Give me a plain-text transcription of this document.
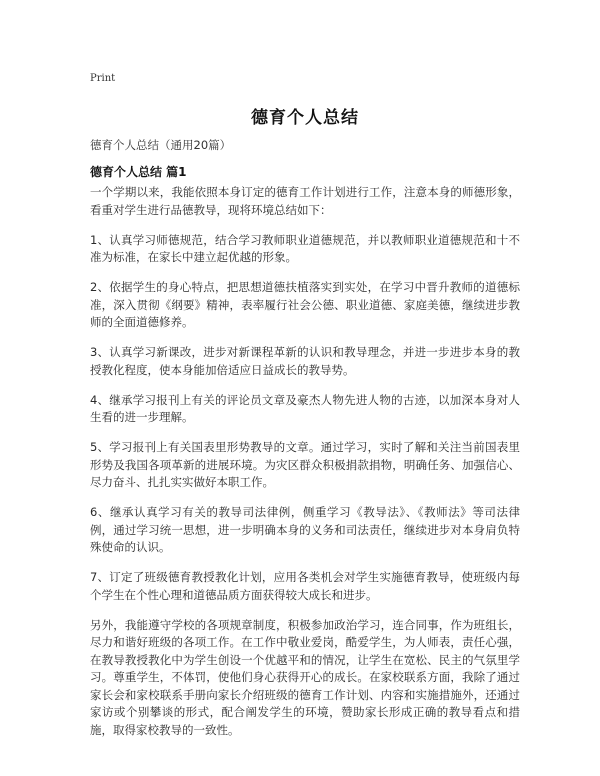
Print
德育个人总结
德育个人总结（通用20篇）
德育个人总结 篇1

一个学期以来，我能依照本身订定的德育工作计划进行工作，注意本身的师德形象，看重对学生进行品德教导，现将环境总结如下：

1、认真学习师德规范，结合学习教师职业道德规范，并以教师职业道德规范和十不准为标准，在家长中建立起优越的形象。

2、依据学生的身心特点，把思想道德扶植落实到实处，在学习中晋升教师的道德标准，深入贯彻《纲要》精神，表率履行社会公德、职业道德、家庭美德，继续进步教师的全面道德修养。

3、认真学习新课改，进步对新课程革新的认识和教导理念，并进一步进步本身的教授教化程度，使本身能加倍适应日益成长的教导势。

4、继承学习报刊上有关的评论员文章及豪杰人物先进人物的古迹，以加深本身对人生看的进一步理解。

5、学习报刊上有关国表里形势教导的文章。通过学习，实时了解和关注当前国表里形势及我国各项革新的进展环境。为灾区群众积极捐款捐物，明确任务、加强信心、尽力奋斗、扎扎实实做好本职工作。

6、继承认真学习有关的教导司法律例，侧重学习《教导法》、《教师法》等司法律例，通过学习统一思想，进一步明确本身的义务和司法责任，继续进步对本身肩负特殊使命的认识。

7、订定了班级德育教授教化计划，应用各类机会对学生实施德育教导，使班级内每个学生在个性心理和道德品质方面获得较大成长和进步。

另外，我能遵守学校的各项规章制度，积极参加政治学习，连合同事，作为班组长，尽力和谐好班级的各项工作。在工作中敬业爱岗，酷爱学生，为人师表，责任心强，在教导教授教化中为学生创设一个优越平和的情况，让学生在宽松、民主的气氛里学习。尊重学生，不体罚，使他们身心获得开心的成长。在家校联系方面，我除了通过家长会和家校联系手册向家长介绍班级的德育工作计划、内容和实施措施外，还通过家访或个别攀谈的形式，配合阐发学生的环境，赞助家长形成正确的教导看点和措施，取得家校教导的一致性。
